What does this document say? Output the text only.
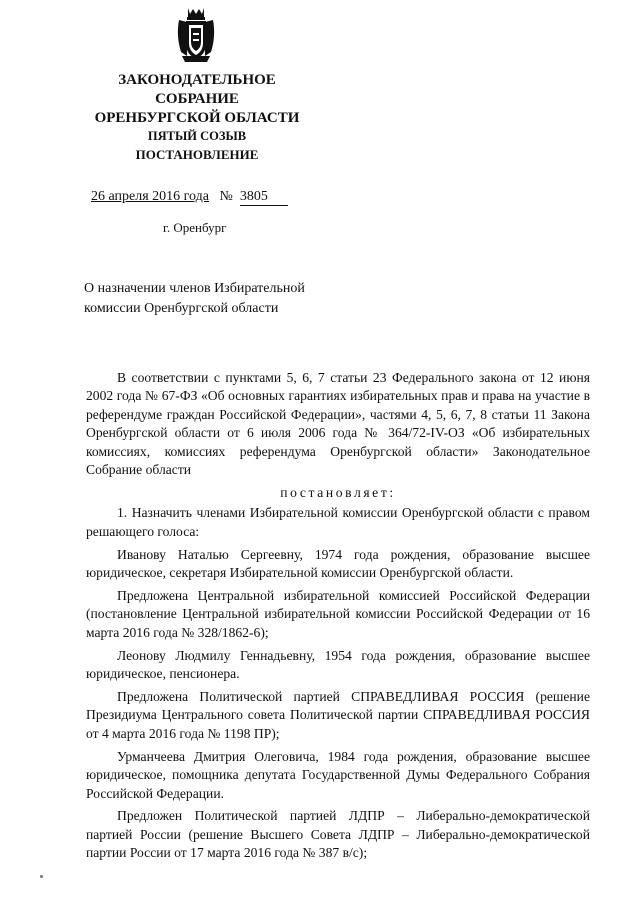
ЗАКОНОДАТЕЛЬНОЕ
СОБРАНИЕ
ОРЕНБУРГСКОЙ ОБЛАСТИ
ПЯТЫЙ СОЗЫВ
ПОСТАНОВЛЕНИЕ
26 апреля 2016 года № 3805
г. Оренбург
О назначении членов Избирательной
комиссии Оренбургской области

В соответствии с пунктами 5, 6, 7 статьи 23 Федерального закона от 12 июня 2002 года № 67-ФЗ «Об основных гарантиях избирательных прав и права на участие в референдуме граждан Российской Федерации», частями 4, 5, 6, 7, 8 статьи 11 Закона Оренбургской области от 6 июля 2006 года № 364/72-IV-ОЗ «Об избирательных комиссиях, комиссиях референдума Оренбургской области» Законодательное Собрание области

постановляет:

1. Назначить членами Избирательной комиссии Оренбургской области с правом решающего голоса:

Иванову Наталью Сергеевну, 1974 года рождения, образование высшее юридическое, секретаря Избирательной комиссии Оренбургской области.

Предложена Центральной избирательной комиссией Российской Федерации (постановление Центральной избирательной комиссии Российской Федерации от 16 марта 2016 года № 328/1862-6);

Леонову Людмилу Геннадьевну, 1954 года рождения, образование высшее юридическое, пенсионера.

Предложена Политической партией СПРАВЕДЛИВАЯ РОССИЯ (решение Президиума Центрального совета Политической партии СПРАВЕДЛИВАЯ РОССИЯ от 4 марта 2016 года № 1198 ПР);

Урманчеева Дмитрия Олеговича, 1984 года рождения, образование высшее юридическое, помощника депутата Государственной Думы Федерального Собрания Российской Федерации.

Предложен Политической партией ЛДПР – Либерально-демократической партией России (решение Высшего Совета ЛДПР – Либерально-демократической партии России от 17 марта 2016 года № 387 в/с);
